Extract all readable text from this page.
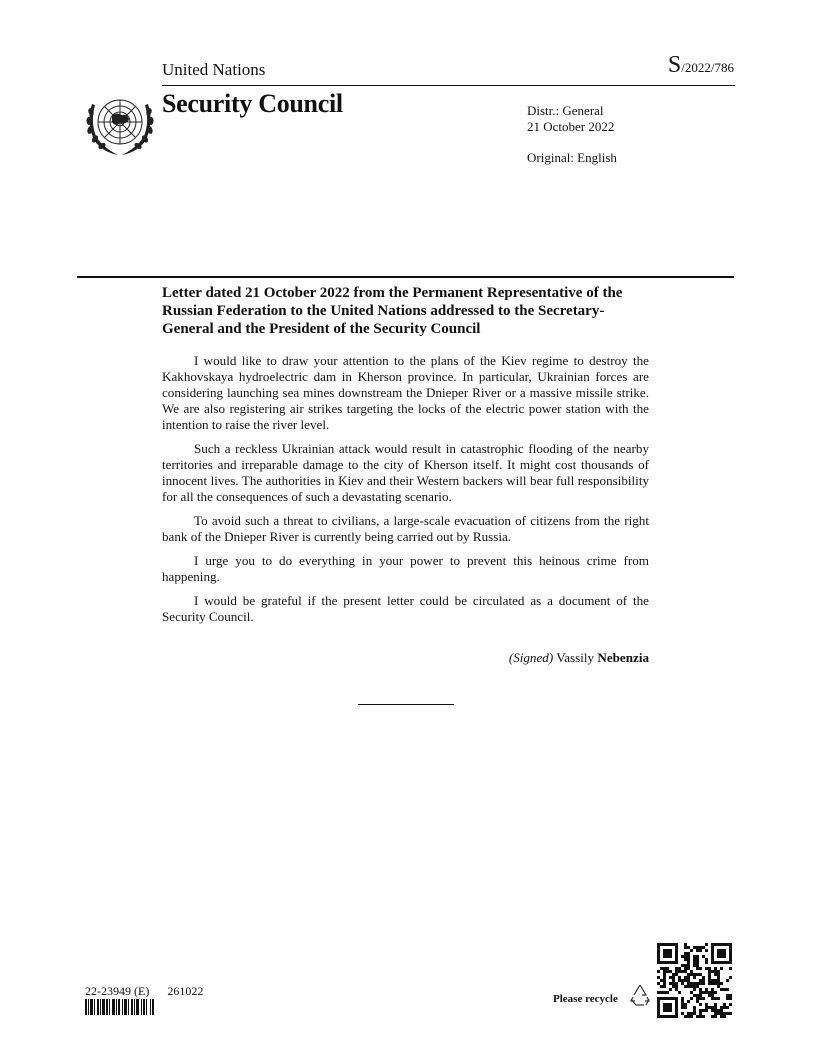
United Nations	S/2022/786
Security Council	Distr.: General
21 October 2022
Original: English
Letter dated 21 October 2022 from the Permanent Representative of the Russian Federation to the United Nations addressed to the Secretary-General and the President of the Security Council

I would like to draw your attention to the plans of the Kiev regime to destroy the Kakhovskaya hydroelectric dam in Kherson province. In particular, Ukrainian forces are considering launching sea mines downstream the Dnieper River or a massive missile strike. We are also registering air strikes targeting the locks of the electric power station with the intention to raise the river level.

Such a reckless Ukrainian attack would result in catastrophic flooding of the nearby territories and irreparable damage to the city of Kherson itself. It might cost thousands of innocent lives. The authorities in Kiev and their Western backers will bear full responsibility for all the consequences of such a devastating scenario.

To avoid such a threat to civilians, a large-scale evacuation of citizens from the right bank of the Dnieper River is currently being carried out by Russia.

I urge you to do everything in your power to prevent this heinous crime from happening.

I would be grateful if the present letter could be circulated as a document of the Security Council.

(Signed) Vassily Nebenzia
22-23949 (E) 261022
Please recycle
